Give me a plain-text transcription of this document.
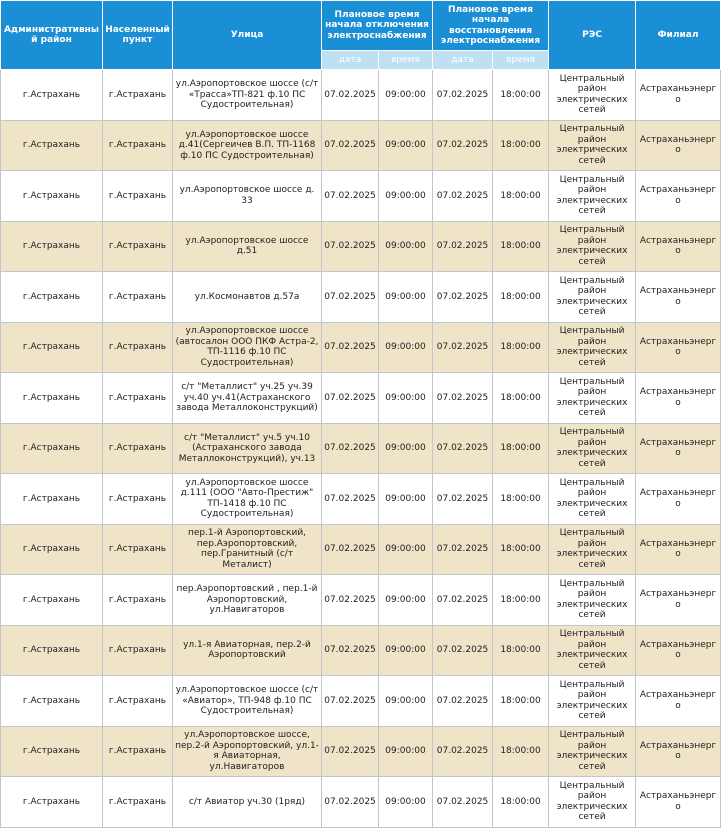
Административный район	Населенный пункт	Улица	Плановое время начала отключения электроснабжения		Плановое время начала восстановления электроснабжения		РЭС	Филиал
			дата	время	дата	время		
г.Астрахань	г.Астрахань	ул.Аэропортовское шоссе (с/т «Трасса»ТП-821 ф.10 ПС Судостроительная)	07.02.2025	09:00:00	07.02.2025	18:00:00	Центральный район электрических сетей	Астраханьэнерго
г.Астрахань	г.Астрахань	ул.Аэропортовское шоссе д.41(Сергеичев В.П. ТП-1168 ф.10 ПС Судостроительная)	07.02.2025	09:00:00	07.02.2025	18:00:00	Центральный район электрических сетей	Астраханьэнерго
г.Астрахань	г.Астрахань	ул.Аэропортовское шоссе д. 33	07.02.2025	09:00:00	07.02.2025	18:00:00	Центральный район электрических сетей	Астраханьэнерго
г.Астрахань	г.Астрахань	ул.Аэропортовское шоссе д.51	07.02.2025	09:00:00	07.02.2025	18:00:00	Центральный район электрических сетей	Астраханьэнерго
г.Астрахань	г.Астрахань	ул.Космонавтов д.57а	07.02.2025	09:00:00	07.02.2025	18:00:00	Центральный район электрических сетей	Астраханьэнерго
г.Астрахань	г.Астрахань	ул.Аэропортовское шоссе (автосалон ООО ПКФ Астра-2, ТП-1116 ф.10 ПС Судостроительная)	07.02.2025	09:00:00	07.02.2025	18:00:00	Центральный район электрических сетей	Астраханьэнерго
г.Астрахань	г.Астрахань	с/т "Металлист" уч.25 уч.39 уч.40 уч.41(Астраханского завода Металлоконструкций)	07.02.2025	09:00:00	07.02.2025	18:00:00	Центральный район электрических сетей	Астраханьэнерго
г.Астрахань	г.Астрахань	с/т "Металлист" уч.5 уч.10 (Астраханского завода Металлоконструкций), уч.13	07.02.2025	09:00:00	07.02.2025	18:00:00	Центральный район электрических сетей	Астраханьэнерго
г.Астрахань	г.Астрахань	ул.Аэропортовское шоссе д.111 (ООО "Авто-Престиж" ТП-1418 ф.10 ПС Судостроительная)	07.02.2025	09:00:00	07.02.2025	18:00:00	Центральный район электрических сетей	Астраханьэнерго
г.Астрахань	г.Астрахань	пер.1-й Аэропортовский, пер.Аэропортовский, пер.Гранитный (с/т Металист)	07.02.2025	09:00:00	07.02.2025	18:00:00	Центральный район электрических сетей	Астраханьэнерго
г.Астрахань	г.Астрахань	пер.Аэропортовский , пер.1-й Аэропортовский, ул.Навигаторов	07.02.2025	09:00:00	07.02.2025	18:00:00	Центральный район электрических сетей	Астраханьэнерго
г.Астрахань	г.Астрахань	ул.1-я Авиаторная, пер.2-й Аэропортовский	07.02.2025	09:00:00	07.02.2025	18:00:00	Центральный район электрических сетей	Астраханьэнерго
г.Астрахань	г.Астрахань	ул.Аэропортовское шоссе (с/т «Авиатор», ТП-948 ф.10 ПС Судостроительная)	07.02.2025	09:00:00	07.02.2025	18:00:00	Центральный район электрических сетей	Астраханьэнерго
г.Астрахань	г.Астрахань	ул.Аэропортовское шоссе, пер.2-й Аэропортовский, ул.1-я Авиаторная, ул.Навигаторов	07.02.2025	09:00:00	07.02.2025	18:00:00	Центральный район электрических сетей	Астраханьэнерго
г.Астрахань	г.Астрахань	с/т Авиатор уч.30 (1ряд)	07.02.2025	09:00:00	07.02.2025	18:00:00	Центральный район электрических сетей	Астраханьэнерго
